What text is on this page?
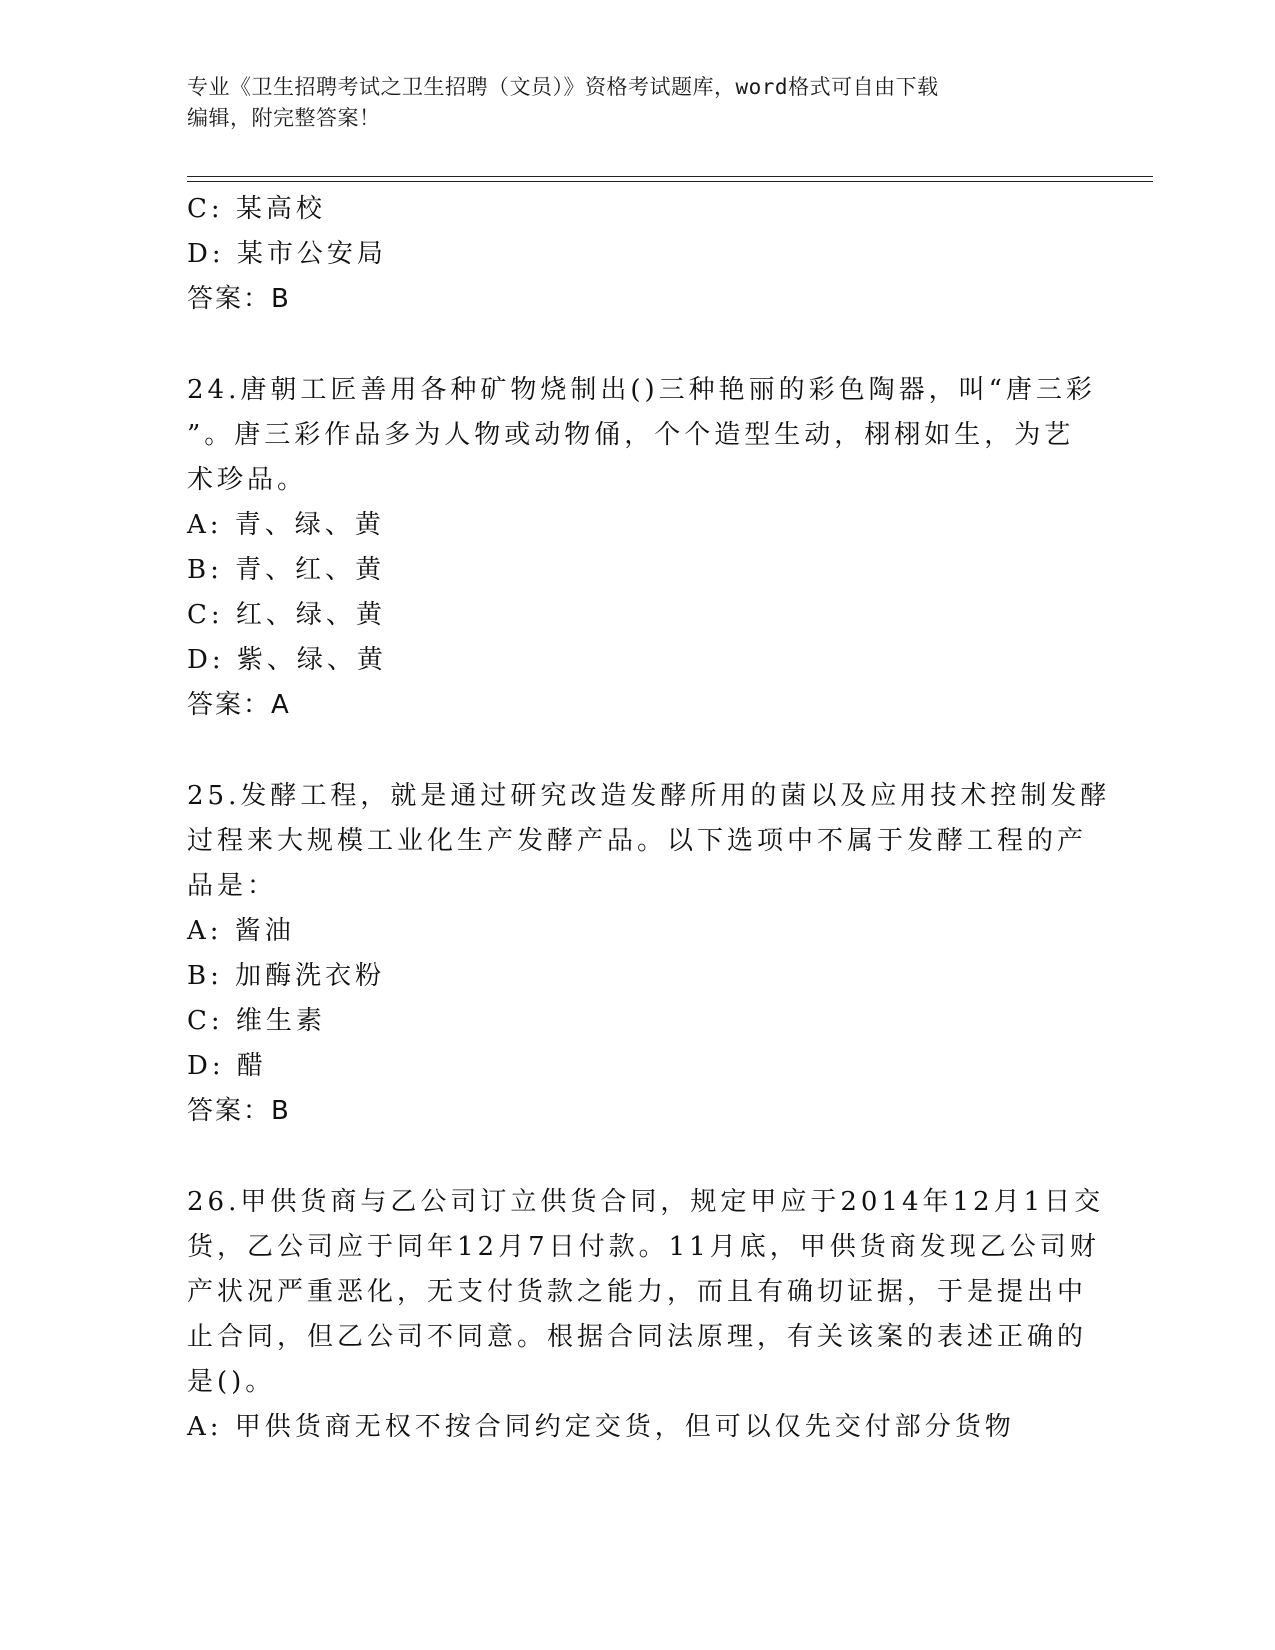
专业《卫生招聘考试之卫生招聘（文员）》资格考试题库，word格式可自由下载
编辑，附完整答案！
C: 某高校
D: 某市公安局
答案：B
24.唐朝工匠善用各种矿物烧制出()三种艳丽的彩色陶器，叫“唐三彩
”。唐三彩作品多为人物或动物俑，个个造型生动，栩栩如生，为艺
术珍品。
A: 青、绿、黄
B: 青、红、黄
C: 红、绿、黄
D: 紫、绿、黄
答案：A
25.发酵工程，就是通过研究改造发酵所用的菌以及应用技术控制发酵
过程来大规模工业化生产发酵产品。以下选项中不属于发酵工程的产
品是：
A: 酱油
B: 加酶洗衣粉
C: 维生素
D: 醋
答案：B
26.甲供货商与乙公司订立供货合同，规定甲应于2014年12月1日交
货，乙公司应于同年12月7日付款。11月底，甲供货商发现乙公司财
产状况严重恶化，无支付货款之能力，而且有确切证据，于是提出中
止合同，但乙公司不同意。根据合同法原理，有关该案的表述正确的
是()。
A: 甲供货商无权不按合同约定交货，但可以仅先交付部分货物
